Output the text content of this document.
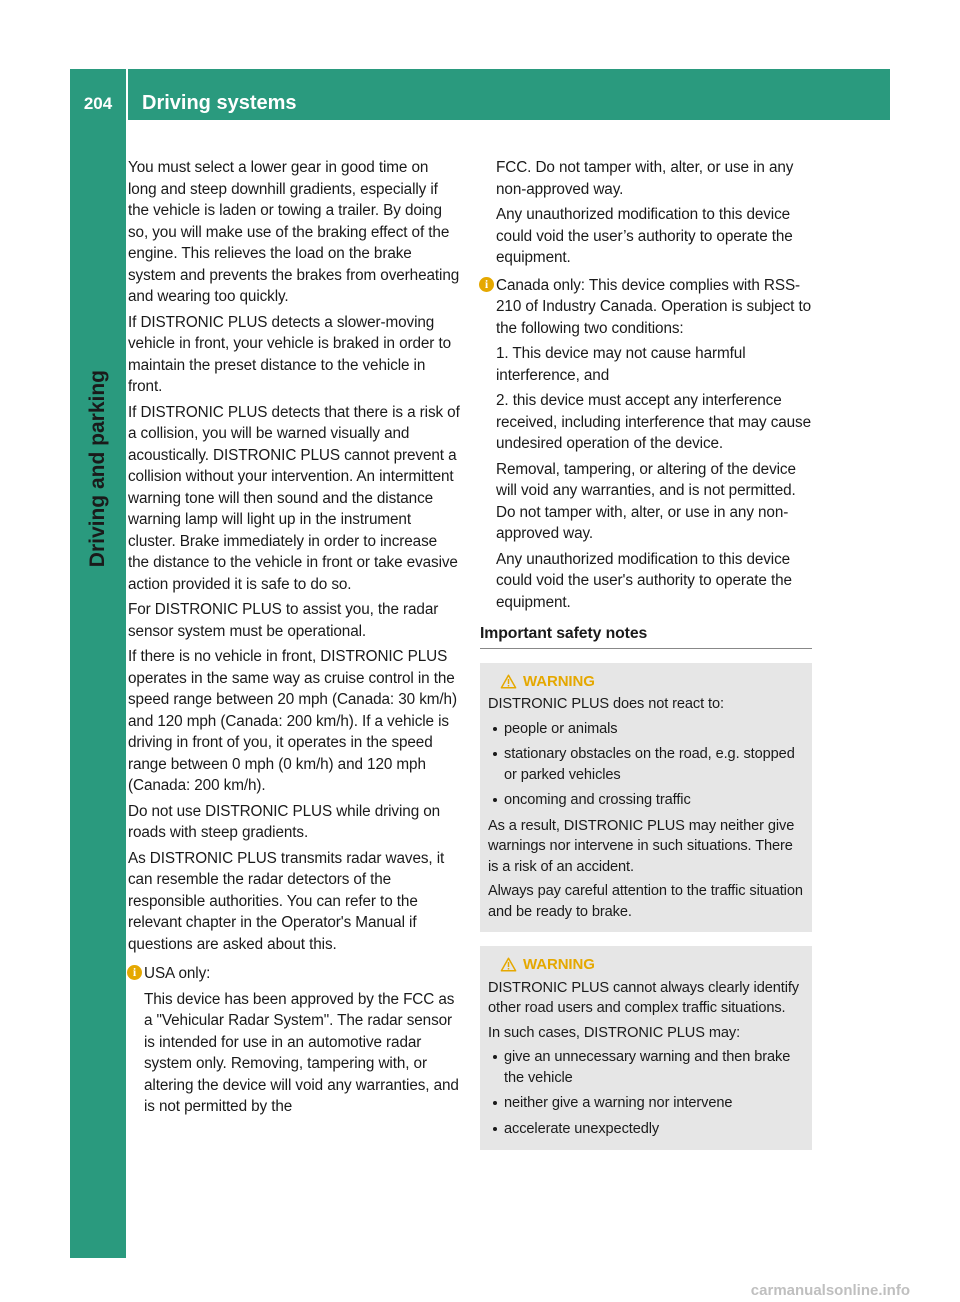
204	Driving systems
Driving and parking

You must select a lower gear in good time on long and steep downhill gradients, especially if the vehicle is laden or towing a trailer. By doing so, you will make use of the braking effect of the engine. This relieves the load on the brake system and prevents the brakes from overheating and wearing too quickly.

If DISTRONIC PLUS detects a slower-moving vehicle in front, your vehicle is braked in order to maintain the preset distance to the vehicle in front.

If DISTRONIC PLUS detects that there is a risk of a collision, you will be warned visually and acoustically. DISTRONIC PLUS cannot prevent a collision without your intervention. An intermittent warning tone will then sound and the distance warning lamp will light up in the instrument cluster. Brake immediately in order to increase the distance to the vehicle in front or take evasive action provided it is safe to do so.

For DISTRONIC PLUS to assist you, the radar sensor system must be operational.

If there is no vehicle in front, DISTRONIC PLUS operates in the same way as cruise control in the speed range between 20 mph (Canada: 30 km/h) and 120 mph (Canada: 200 km/h). If a vehicle is driving in front of you, it operates in the speed range between 0 mph (0 km/h) and 120 mph (Canada: 200 km/h).

Do not use DISTRONIC PLUS while driving on roads with steep gradients.

As DISTRONIC PLUS transmits radar waves, it can resemble the radar detectors of the responsible authorities. You can refer to the relevant chapter in the Operator's Manual if questions are asked about this.

i USA only:

This device has been approved by the FCC as a "Vehicular Radar System". The radar sensor is intended for use in an automotive radar system only. Removing, tampering with, or altering the device will void any warranties, and is not permitted by the

FCC. Do not tamper with, alter, or use in any non-approved way.

Any unauthorized modification to this device could void the user’s authority to operate the equipment.

i Canada only: This device complies with RSS-210 of Industry Canada. Operation is subject to the following two conditions:

1. This device may not cause harmful interference, and

2. this device must accept any interference received, including interference that may cause undesired operation of the device.

Removal, tampering, or altering of the device will void any warranties, and is not permitted. Do not tamper with, alter, or use in any non-approved way.

Any unauthorized modification to this device could void the user's authority to operate the equipment.

Important safety notes
WARNING

DISTRONIC PLUS does not react to:

people or animals
stationary obstacles on the road, e.g. stopped or parked vehicles
oncoming and crossing traffic

As a result, DISTRONIC PLUS may neither give warnings nor intervene in such situations. There is a risk of an accident.

Always pay careful attention to the traffic situation and be ready to brake.

WARNING

DISTRONIC PLUS cannot always clearly identify other road users and complex traffic situations.

In such cases, DISTRONIC PLUS may:

give an unnecessary warning and then brake the vehicle
neither give a warning nor intervene
accelerate unexpectedly
carmanualsonline.info
